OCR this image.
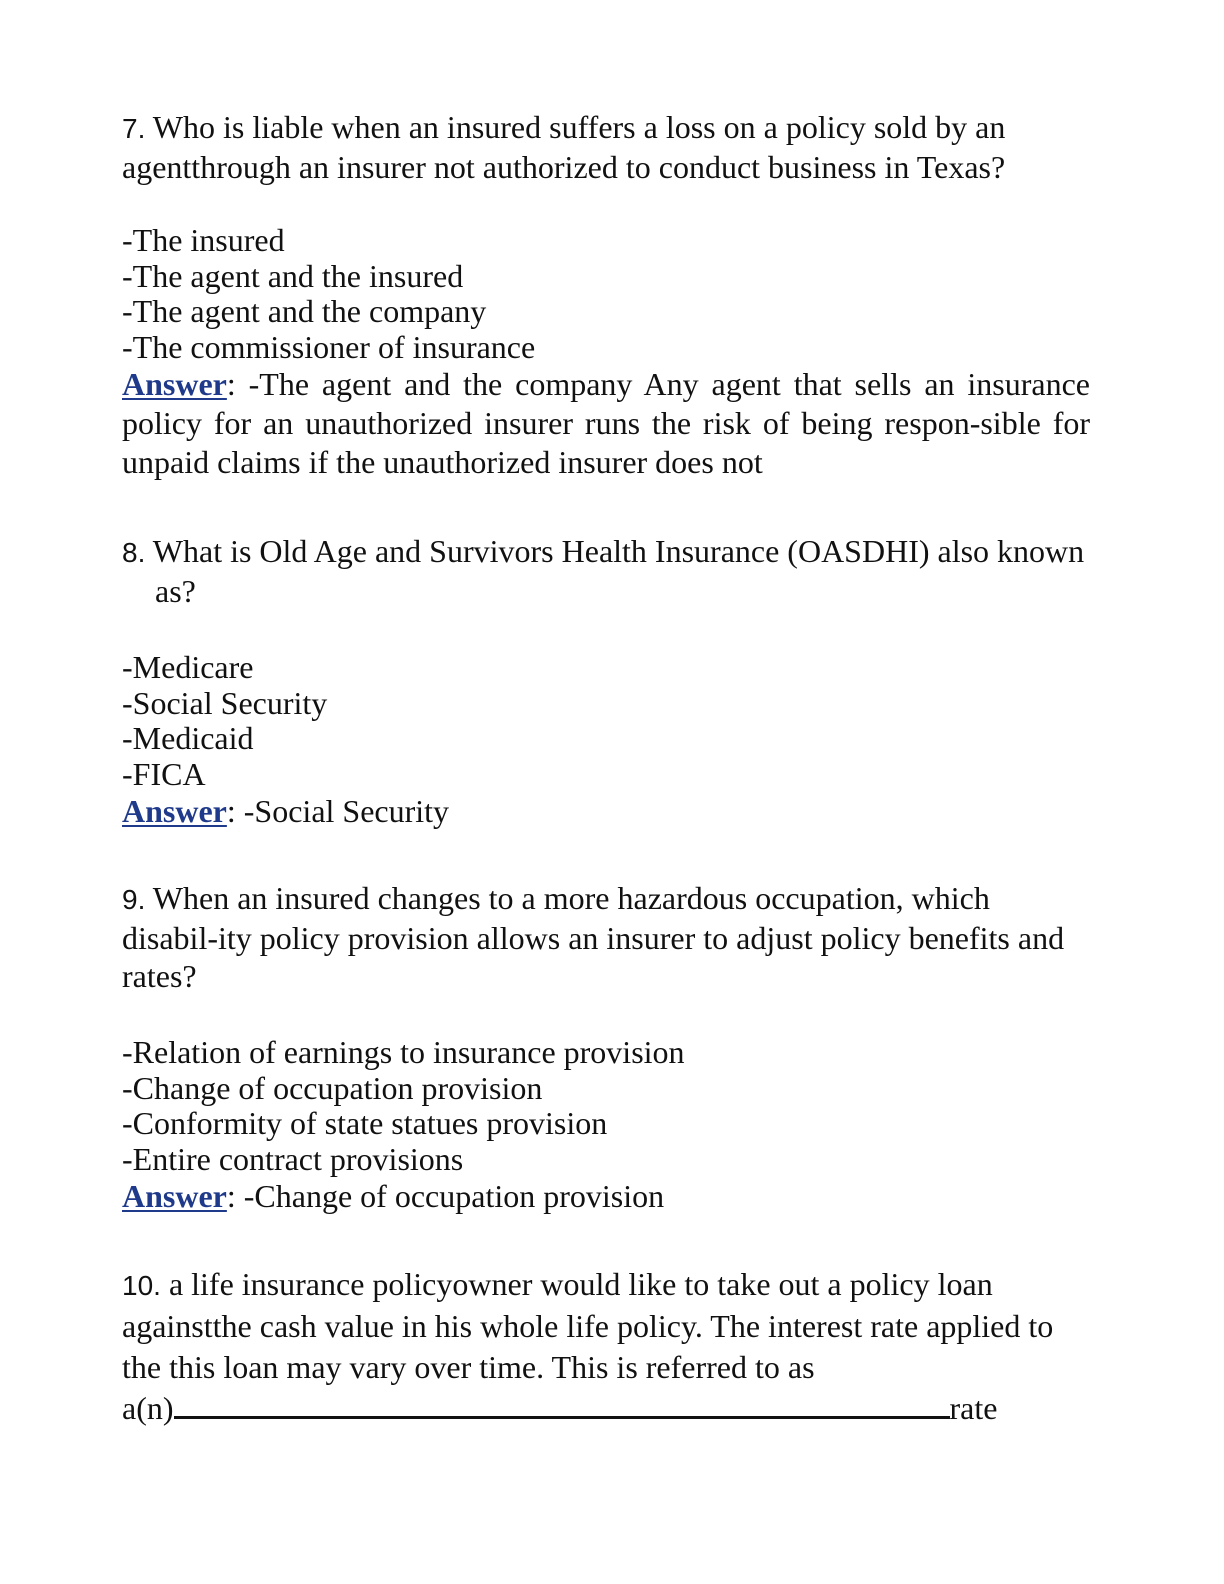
7. Who is liable when an insured suffers a loss on a policy sold by an agentthrough an insurer not authorized to conduct business in Texas?

-The insured
-The agent and the insured
-The agent and the company
-The commissioner of insurance

Answer: -The agent and the company Any agent that sells an insurance policy for an unauthorized insurer runs the risk of being respon-sible for unpaid claims if the unauthorized insurer does not

8. What is Old Age and Survivors Health Insurance (OASDHI) also known as?

-Medicare
-Social Security
-Medicaid
-FICA

Answer: -Social Security

9. When an insured changes to a more hazardous occupation, which disabil-ity policy provision allows an insurer to adjust policy benefits and rates?

-Relation of earnings to insurance provision
-Change of occupation provision
-Conformity of state statues provision
-Entire contract provisions

Answer: -Change of occupation provision

10. a life insurance policyowner would like to take out a policy loan againstthe cash value in his whole life policy. The interest rate applied to the this loan may vary over time. This is referred to as
a(n)	rate
